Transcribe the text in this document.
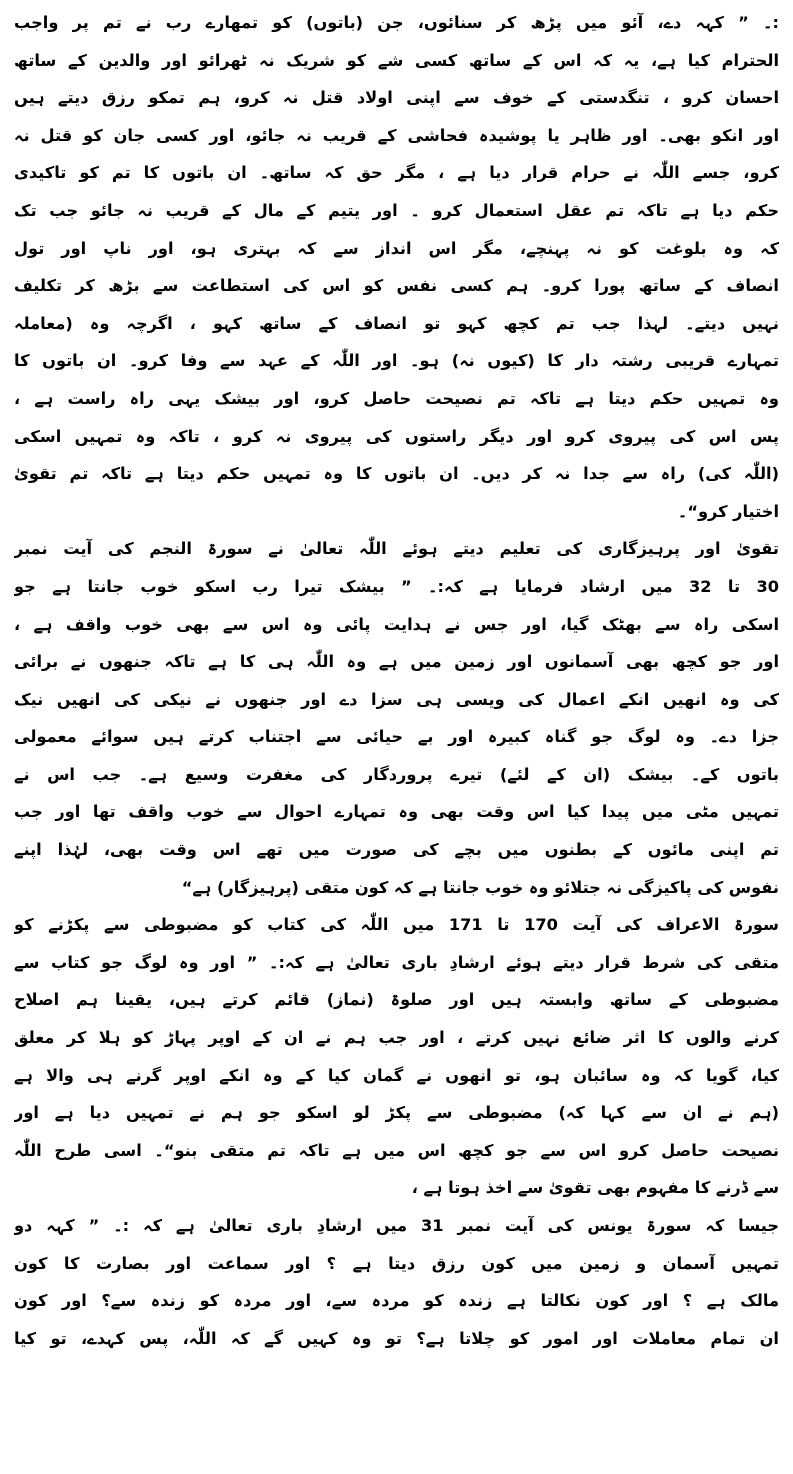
:۔ ” کہہ دے، آئو میں پڑھ کر سنائوں، جن (باتوں) کو تمھارے رب نے تم پر واجب
الحترام کیا ہے، یہ کہ اس کے ساتھ کسی شے کو شریک نہ ٹھرائو اور والدین کے ساتھ
احسان کرو ، تنگدستی کے خوف سے اپنی اولاد قتل نہ کرو، ہم تمکو رزق دیتے ہیں
اور انکو بھی۔ اور ظاہر یا پوشیدہ فحاشی کے قریب نہ جائو، اور کسی جان کو قتل نہ
کرو، جسے اللّٰہ نے حرام قرار دیا ہے ، مگر حق کہ ساتھ۔ ان باتوں کا تم کو تاکیدی
حکم دیا ہے تاکہ تم عقل استعمال کرو ۔ اور یتیم کے مال کے قریب نہ جائو جب تک
کہ وہ بلوغت کو نہ پہنچے، مگر اس انداز سے کہ بہتری ہو، اور ناپ اور تول
انصاف کے ساتھ پورا کرو۔ ہم کسی نفس کو اس کی استطاعت سے بڑھ کر تکلیف
نہیں دیتے۔ لہذا جب تم کچھ کہو تو انصاف کے ساتھ کہو ، اگرچہ وہ (معاملہ
تمہارے قریبی رشتہ دار کا (کیوں نہ) ہو۔ اور اللّٰہ کے عہد سے وفا کرو۔ ان باتوں کا
وہ تمہیں حکم دیتا ہے تاکہ تم نصیحت حاصل کرو، اور بیشک یہی راہ راست ہے ،
پس اس کی پیروی کرو اور دیگر راستوں کی پیروی نہ کرو ، تاکہ وہ تمہیں اسکی
(اللّٰہ کی) راہ سے جدا نہ کر دیں۔ ان باتوں کا وہ تمہیں حکم دیتا ہے تاکہ تم تقویٰ
اختیار کرو“۔
تقویٰ اور پرہیزگاری کی تعلیم دیتے ہوئے اللّٰہ تعالیٰ نے سورۃ النجم کی آیت نمبر
30 تا 32 میں ارشاد فرمایا ہے کہ:۔ ” بیشک تیرا رب اسکو خوب جانتا ہے جو
اسکی راہ سے بھٹک گیا، اور جس نے ہدایت پائی وہ اس سے بھی خوب واقف ہے ،
اور جو کچھ بھی آسمانوں اور زمین میں ہے وہ اللّٰہ ہی کا ہے تاکہ جنھوں نے برائی
کی وہ انھیں انکے اعمال کی ویسی ہی سزا دے اور جنھوں نے نیکی کی انھیں نیک
جزا دے۔ وہ لوگ جو گناہ کبیرہ اور بے حیائی سے اجتناب کرتے ہیں سوائے معمولی
باتوں کے۔ بیشک (ان کے لئے) تیرے پروردگار کی مغفرت وسیع ہے۔ جب اس نے
تمہیں مٹی میں پیدا کیا اس وقت بھی وہ تمہارے احوال سے خوب واقف تھا اور جب
تم اپنی مائوں کے بطنوں میں بچے کی صورت میں تھے اس وقت بھی، لہٰذا اپنے
نفوس کی پاکیزگی نہ جتلائو وہ خوب جانتا ہے کہ کون متقی (پرہیزگار) ہے“
سورۃ الاعراف کی آیت 170 تا 171 میں اللّٰہ کی کتاب کو مضبوطی سے پکڑنے کو
متقی کی شرط قرار دیتے ہوئے ارشادِ باری تعالیٰ ہے کہ:۔ ” اور وہ لوگ جو کتاب سے
مضبوطی کے ساتھ وابستہ ہیں اور صلوۃ (نماز) قائم کرتے ہیں، یقینا ہم اصلاح
کرنے والوں کا اثر ضائع نہیں کرتے ، اور جب ہم نے ان کے اوپر پہاڑ کو ہلا کر معلق
کیا، گویا کہ وہ سائبان ہو، تو انھوں نے گمان کیا کے وہ انکے اوپر گرنے ہی والا ہے
(ہم نے ان سے کہا کہ) مضبوطی سے پکڑ لو اسکو جو ہم نے تمہیں دیا ہے اور
نصیحت حاصل کرو اس سے جو کچھ اس میں ہے تاکہ تم متقی بنو“۔ اسی طرح اللّٰہ
سے ڈرنے کا مفہوم بھی تقویٰ سے اخذ ہوتا ہے ،
جیسا کہ سورۃ یونس کی آیت نمبر 31 میں ارشادِ باری تعالیٰ ہے کہ :۔ ” کہہ دو
تمہیں آسمان و زمین میں کون رزق دیتا ہے ؟ اور سماعت اور بصارت کا کون
مالک ہے ؟ اور کون نکالتا ہے زندہ کو مردہ سے، اور مردہ کو زندہ سے؟ اور کون
ان تمام معاملات اور امور کو چلاتا ہے؟ تو وہ کہیں گے کہ اللّٰہ، پس کہدے، تو کیا
